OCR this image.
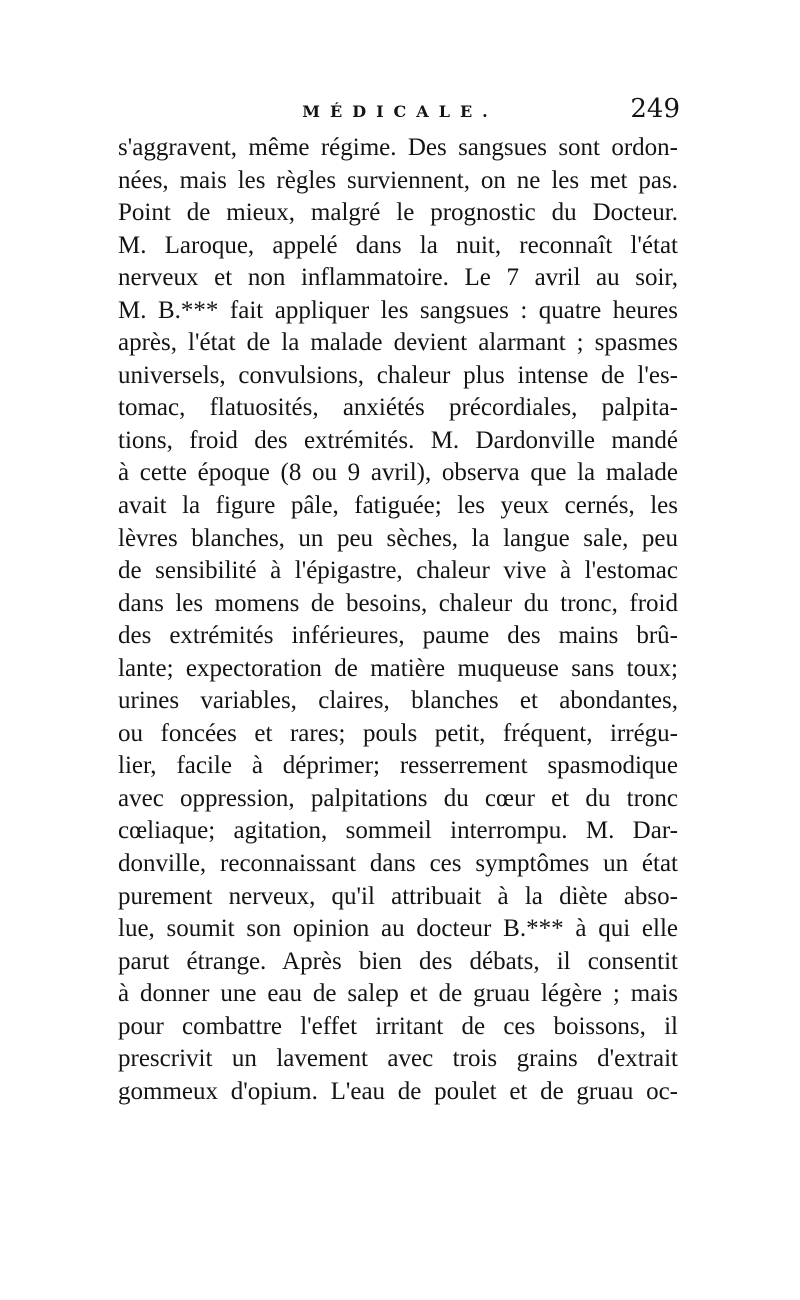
MÉDICALE.	249
s'aggravent, même régime. Des sangsues sont ordon-
nées, mais les règles surviennent, on ne les met pas.
Point de mieux, malgré le prognostic du Docteur.
M. Laroque, appelé dans la nuit, reconnaît l'état
nerveux et non inflammatoire. Le 7 avril au soir,
M. B.*** fait appliquer les sangsues : quatre heures
après, l'état de la malade devient alarmant ; spasmes
universels, convulsions, chaleur plus intense de l'es-
tomac, flatuosités, anxiétés précordiales, palpita-
tions, froid des extrémités. M. Dardonville mandé
à cette époque (8 ou 9 avril), observa que la malade
avait la figure pâle, fatiguée; les yeux cernés, les
lèvres blanches, un peu sèches, la langue sale, peu
de sensibilité à l'épigastre, chaleur vive à l'estomac
dans les momens de besoins, chaleur du tronc, froid
des extrémités inférieures, paume des mains brû-
lante; expectoration de matière muqueuse sans toux;
urines variables, claires, blanches et abondantes,
ou foncées et rares; pouls petit, fréquent, irrégu-
lier, facile à déprimer; resserrement spasmodique
avec oppression, palpitations du cœur et du tronc
cœliaque; agitation, sommeil interrompu. M. Dar-
donville, reconnaissant dans ces symptômes un état
purement nerveux, qu'il attribuait à la diète abso-
lue, soumit son opinion au docteur B.*** à qui elle
parut étrange. Après bien des débats, il consentit
à donner une eau de salep et de gruau légère ; mais
pour combattre l'effet irritant de ces boissons, il
prescrivit un lavement avec trois grains d'extrait
gommeux d'opium. L'eau de poulet et de gruau oc-
